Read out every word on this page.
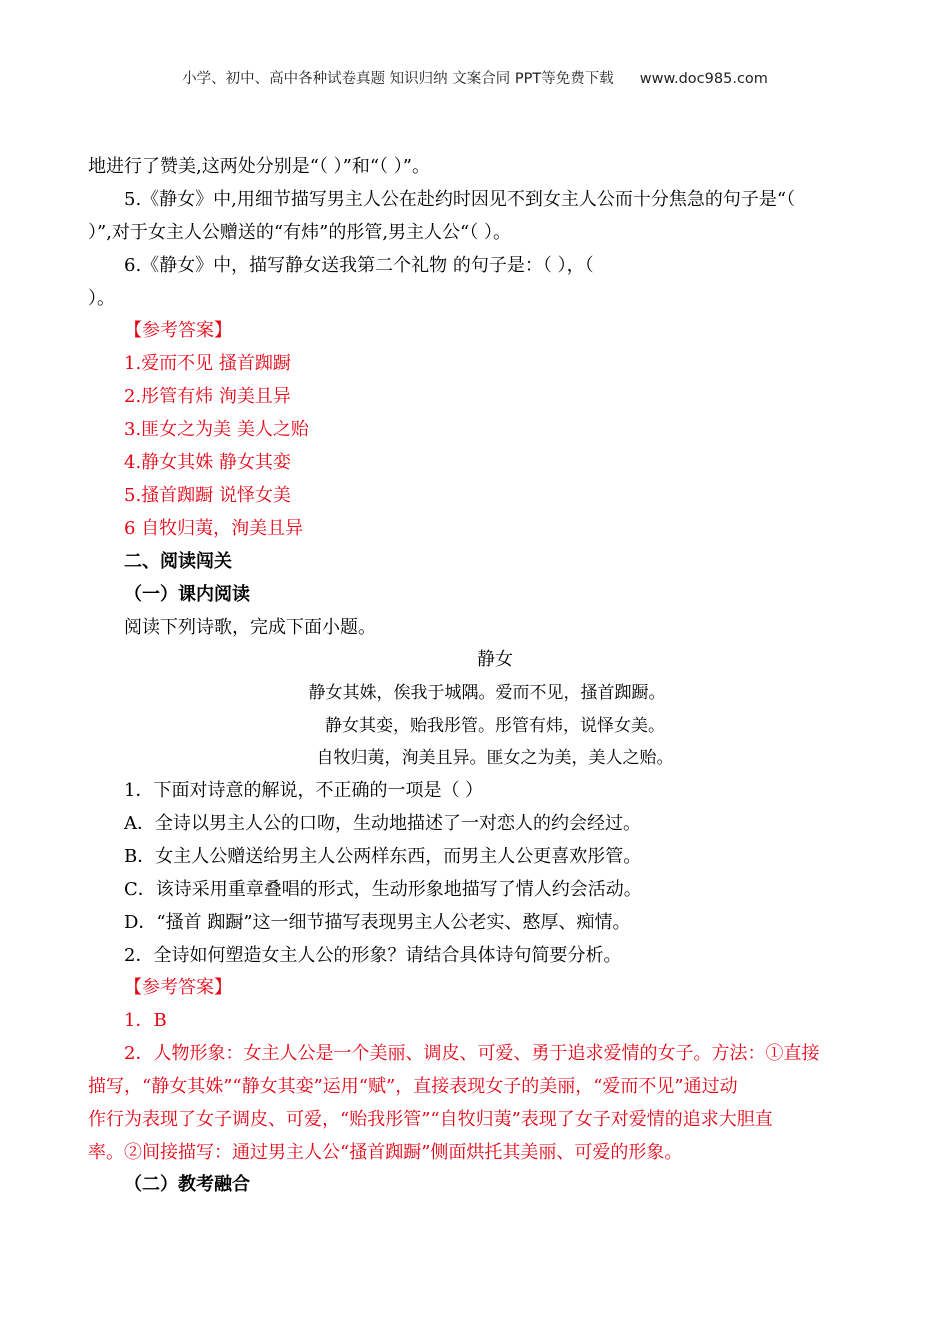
小学、初中、高中各种试卷真题 知识归纳 文案合同 PPT等免费下载 www.doc985.com
地进行了赞美,这两处分别是“（ ）”和“（ ）”。
5.《静女》中,用细节描写男主人公在赴约时因见不到女主人公而十分焦急的句子是“（
）”,对于女主人公赠送的“有炜”的彤管,男主人公“（ ）。
6.《静女》中，描写静女送我第二个礼物 的句子是：（ ），（
）。
【参考答案】
1.爱而不见 搔首踟蹰
2.彤管有炜 洵美且异
3.匪女之为美 美人之贻
4.静女其姝 静女其娈
5.搔首踟蹰 说怿女美
6 自牧归荑，洵美且异
二、阅读闯关
（一）课内阅读
阅读下列诗歌，完成下面小题。
静女
静女其姝，俟我于城隅。爱而不见，搔首踟蹰。
静女其娈，贻我彤管。彤管有炜，说怿女美。
自牧归荑，洵美且异。匪女之为美，美人之贻。
1．下面对诗意的解说，不正确的一项是（ ）
A．全诗以男主人公的口吻，生动地描述了一对恋人的约会经过。
B．女主人公赠送给男主人公两样东西，而男主人公更喜欢彤管。
C．该诗采用重章叠唱的形式，生动形象地描写了情人约会活动。
D．“搔首 踟蹰”这一细节描写表现男主人公老实、憨厚、痴情。
2．全诗如何塑造女主人公的形象？请结合具体诗句简要分析。
【参考答案】
1．B
2．人物形象：女主人公是一个美丽、调皮、可爱、勇于追求爱情的女子。方法：①直接
描写，“静女其姝”“静女其娈”运用“赋”，直接表现女子的美丽，“爱而不见”通过动
作行为表现了女子调皮、可爱，“贻我彤管”“自牧归荑”表现了女子对爱情的追求大胆直
率。②间接描写：通过男主人公“搔首踟蹰”侧面烘托其美丽、可爱的形象。
（二）教考融合
